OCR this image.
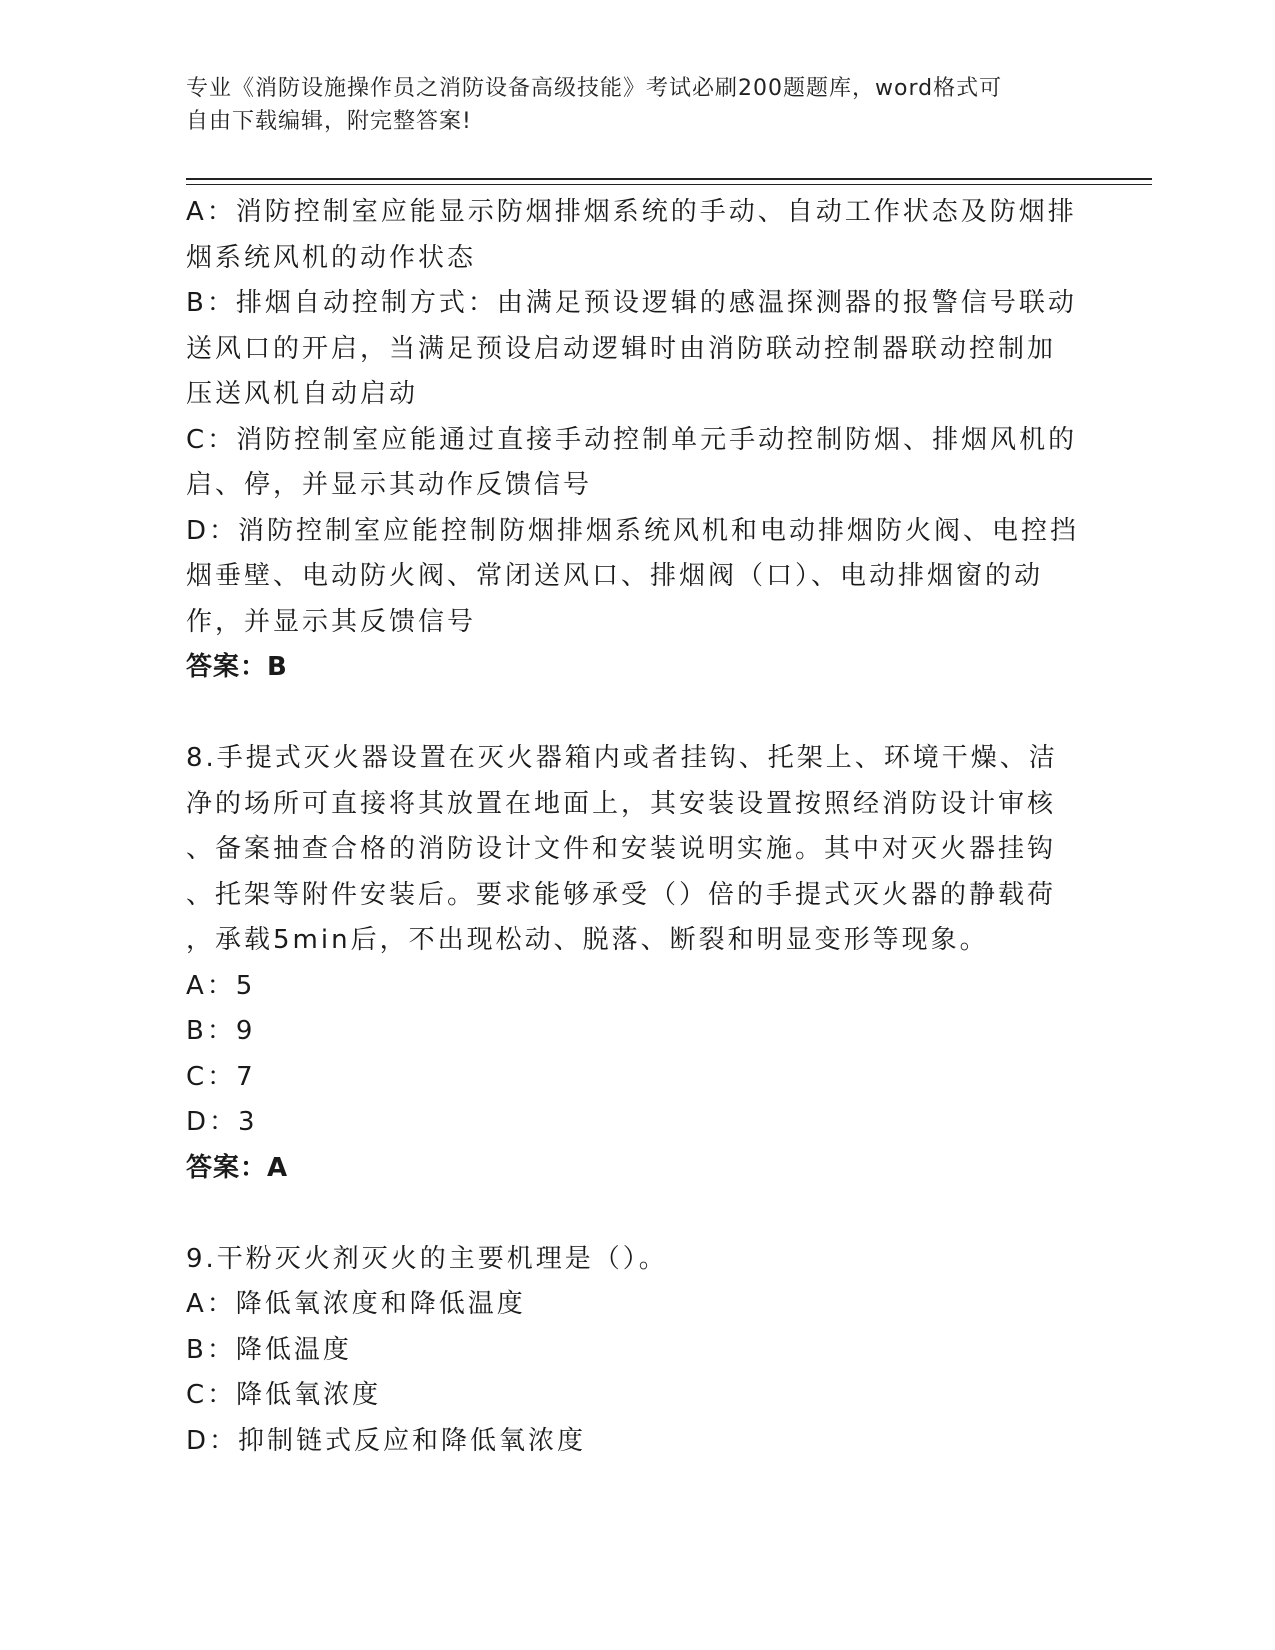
专业《消防设施操作员之消防设备高级技能》考试必刷200题题库，word格式可
自由下载编辑，附完整答案!
A：消防控制室应能显示防烟排烟系统的手动、自动工作状态及防烟排
烟系统风机的动作状态
B：排烟自动控制方式：由满足预设逻辑的感温探测器的报警信号联动
送风口的开启，当满足预设启动逻辑时由消防联动控制器联动控制加
压送风机自动启动
C：消防控制室应能通过直接手动控制单元手动控制防烟、排烟风机的
启、停，并显示其动作反馈信号
D：消防控制室应能控制防烟排烟系统风机和电动排烟防火阀、电控挡
烟垂壁、电动防火阀、常闭送风口、排烟阀（口）、电动排烟窗的动
作，并显示其反馈信号
答案：B
8.手提式灭火器设置在灭火器箱内或者挂钩、托架上、环境干燥、洁
净的场所可直接将其放置在地面上，其安装设置按照经消防设计审核
、备案抽查合格的消防设计文件和安装说明实施。其中对灭火器挂钩
、托架等附件安装后。要求能够承受（）倍的手提式灭火器的静载荷
，承载5min后，不出现松动、脱落、断裂和明显变形等现象。
A：5
B：9
C：7
D：3
答案：A
9.干粉灭火剂灭火的主要机理是（）。
A：降低氧浓度和降低温度
B：降低温度
C：降低氧浓度
D：抑制链式反应和降低氧浓度
